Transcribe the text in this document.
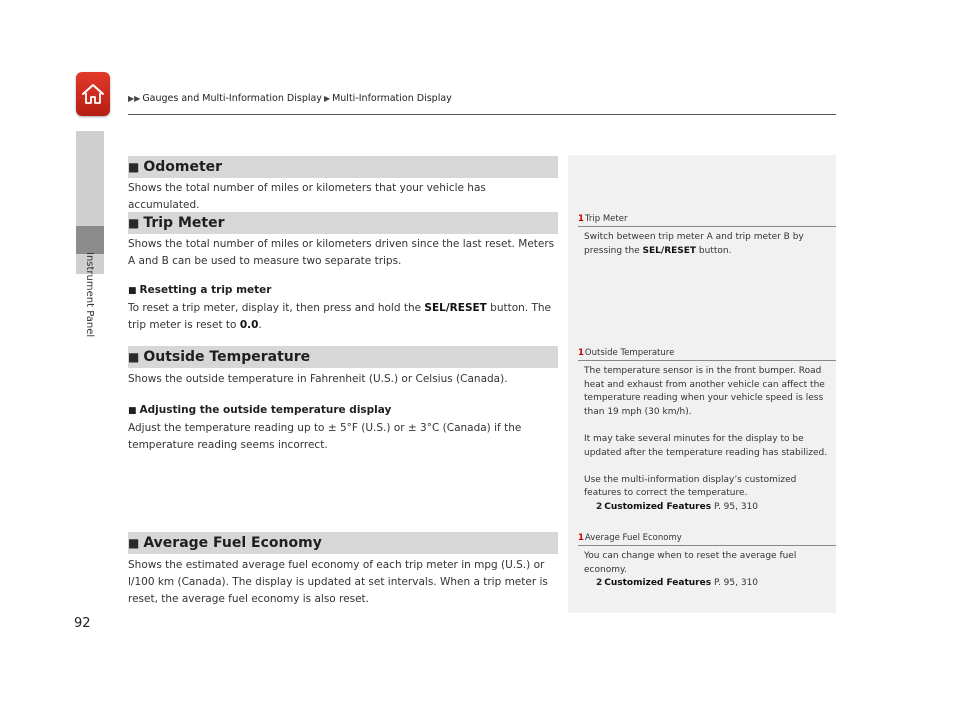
▶▶ Gauges and Multi-Information Display ▶ Multi-Information Display
Instrument Panel
92
■ Odometer
Shows the total number of miles or kilometers that your vehicle has accumulated.
■ Trip Meter
Shows the total number of miles or kilometers driven since the last reset. Meters A and B can be used to measure two separate trips.
■ Resetting a trip meter
To reset a trip meter, display it, then press and hold the SEL/RESET button. The trip meter is reset to 0.0.
■ Outside Temperature
Shows the outside temperature in Fahrenheit (U.S.) or Celsius (Canada).
■ Adjusting the outside temperature display
Adjust the temperature reading up to ± 5°F (U.S.) or ± 3°C (Canada) if the temperature reading seems incorrect.
■ Average Fuel Economy
Shows the estimated average fuel economy of each trip meter in mpg (U.S.) or l/100 km (Canada). The display is updated at set intervals. When a trip meter is reset, the average fuel economy is also reset.
1Trip Meter

Switch between trip meter A and trip meter B by pressing the SEL/RESET button.

1Outside Temperature

The temperature sensor is in the front bumper. Road heat and exhaust from another vehicle can affect the temperature reading when your vehicle speed is less than 19 mph (30 km/h).

It may take several minutes for the display to be updated after the temperature reading has stabilized.

Use the multi-information display’s customized features to correct the temperature.

2 Customized Features P. 95, 310
1Average Fuel Economy

You can change when to reset the average fuel economy.

2 Customized Features P. 95, 310
